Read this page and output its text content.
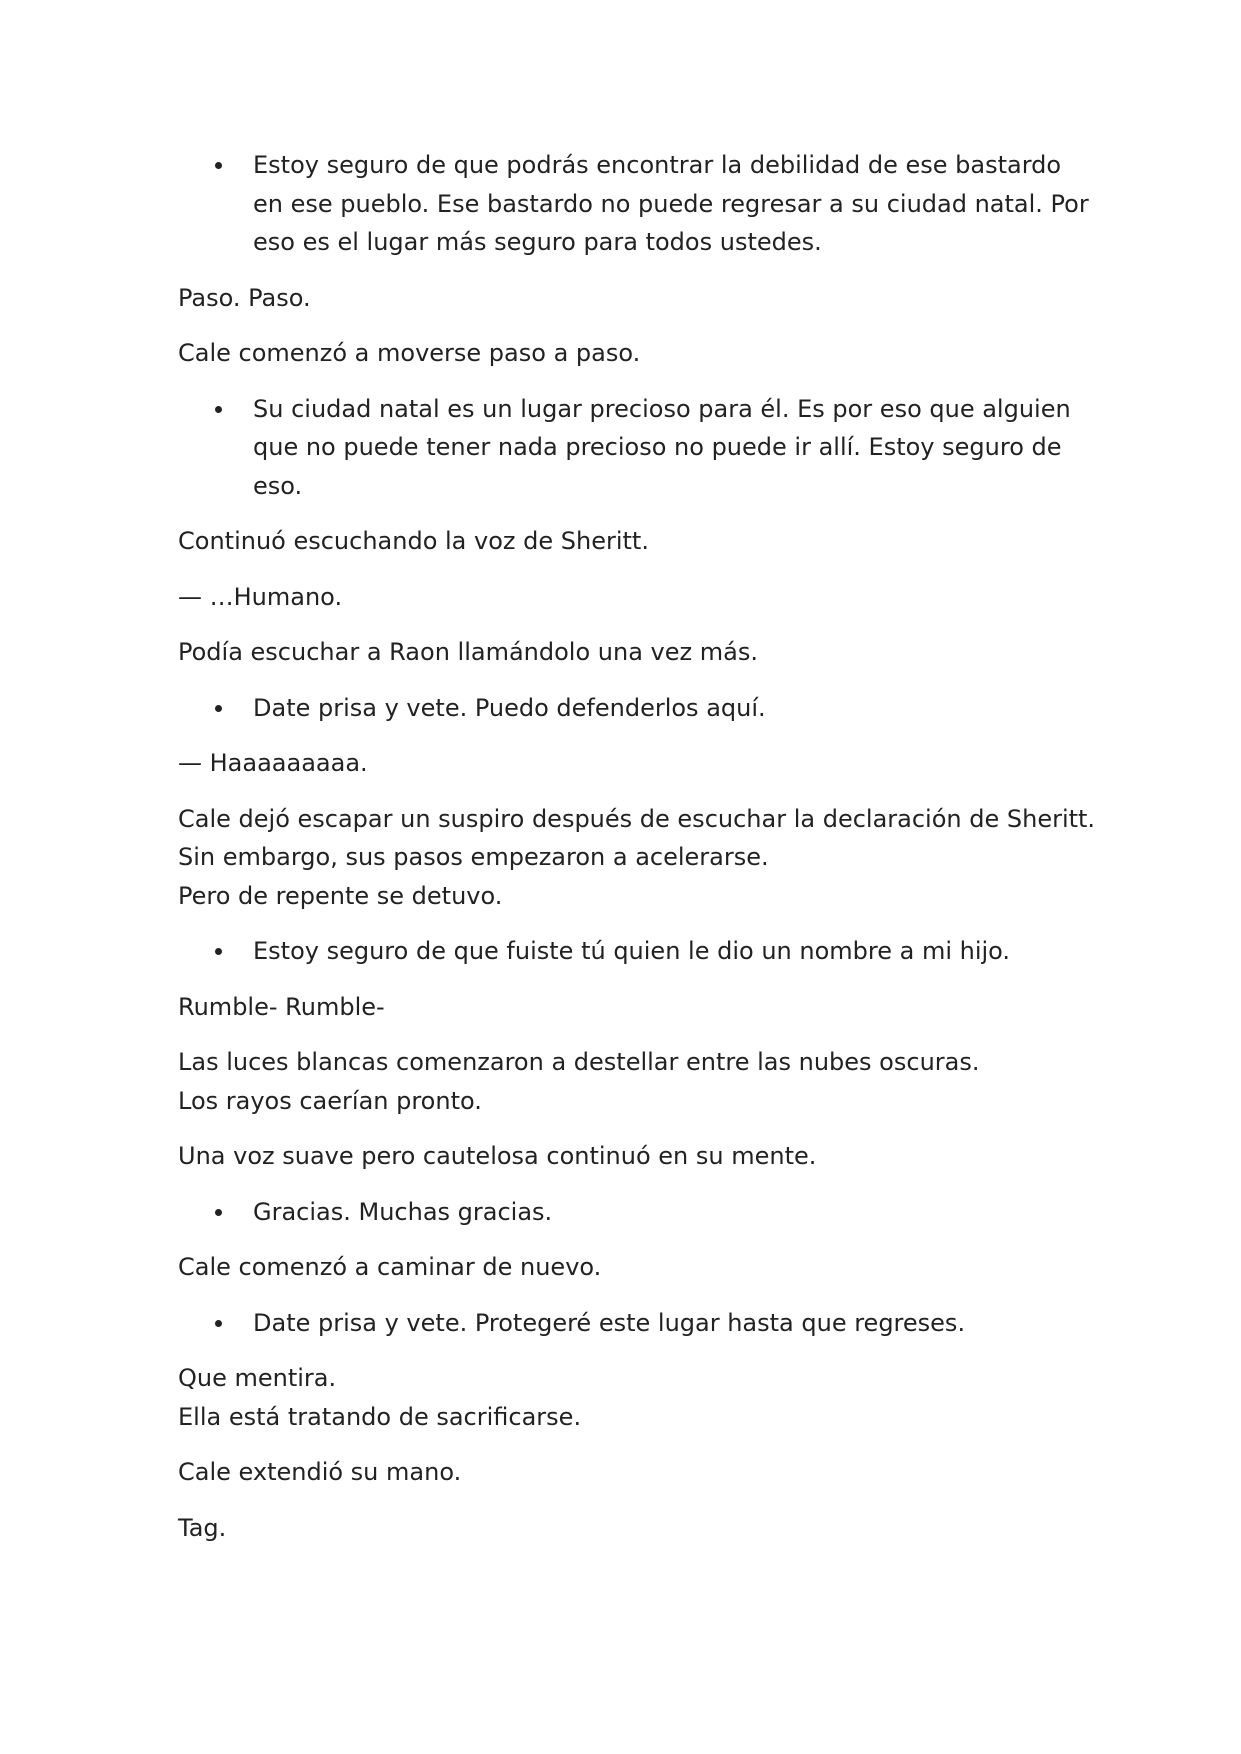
Estoy seguro de que podrás encontrar la debilidad de ese bastardo
en ese pueblo. Ese bastardo no puede regresar a su ciudad natal. Por
eso es el lugar más seguro para todos ustedes.
Paso. Paso.
Cale comenzó a moverse paso a paso.
Su ciudad natal es un lugar precioso para él. Es por eso que alguien
que no puede tener nada precioso no puede ir allí. Estoy seguro de
eso.
Continuó escuchando la voz de Sheritt.
— …Humano.
Podía escuchar a Raon llamándolo una vez más.
Date prisa y vete. Puedo defenderlos aquí.
— Haaaaaaaaa.
Cale dejó escapar un suspiro después de escuchar la declaración de Sheritt.
Sin embargo, sus pasos empezaron a acelerarse.
Pero de repente se detuvo.
Estoy seguro de que fuiste tú quien le dio un nombre a mi hijo.
Rumble- Rumble-
Las luces blancas comenzaron a destellar entre las nubes oscuras.
Los rayos caerían pronto.
Una voz suave pero cautelosa continuó en su mente.
Gracias. Muchas gracias.
Cale comenzó a caminar de nuevo.
Date prisa y vete. Protegeré este lugar hasta que regreses.
Que mentira.
Ella está tratando de sacrificarse.
Cale extendió su mano.
Tag.
